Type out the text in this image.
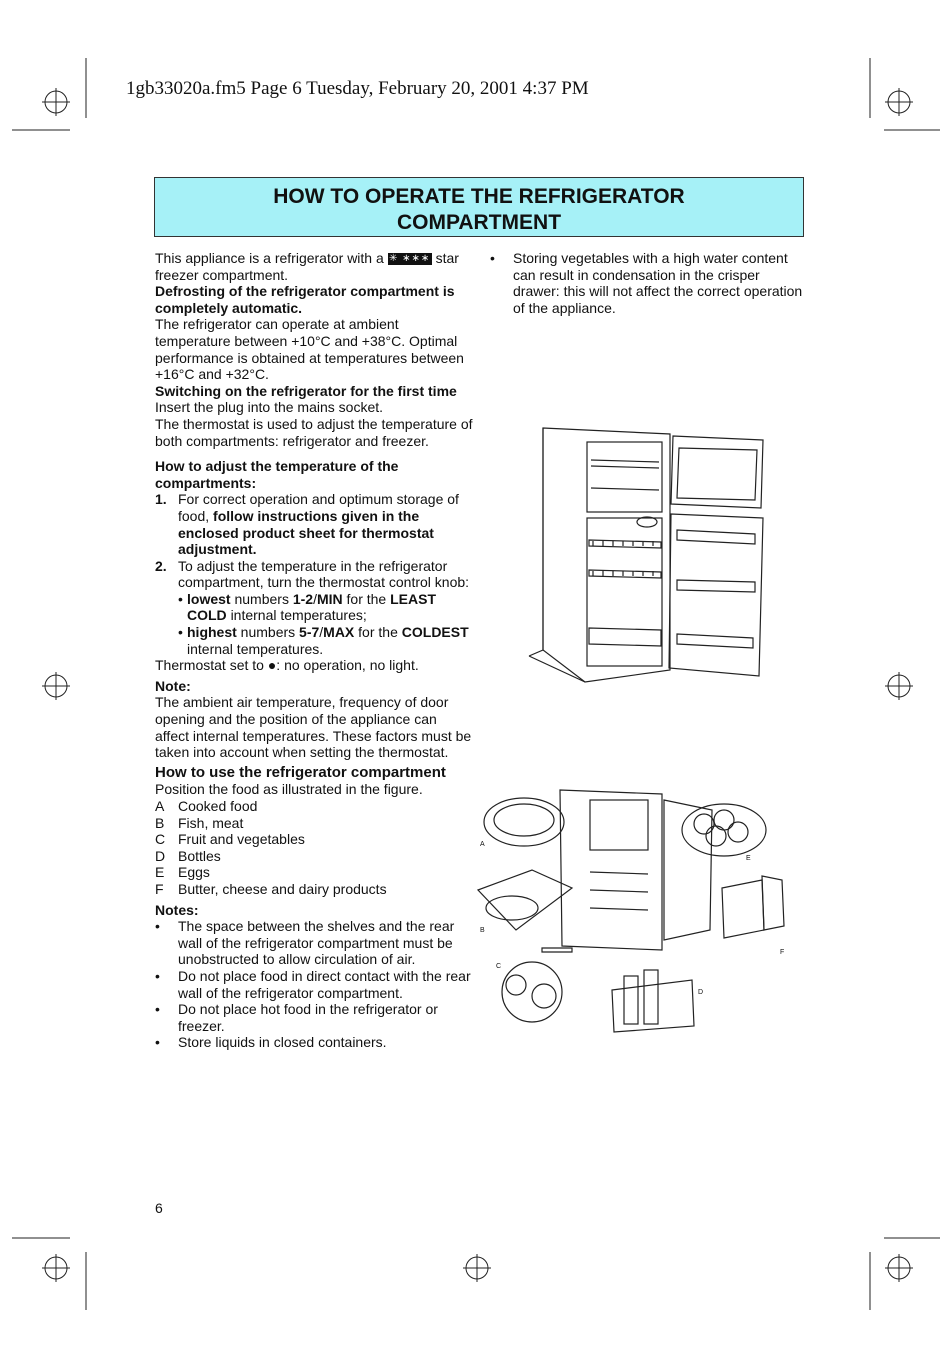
1gb33020a.fm5 Page 6 Tuesday, February 20, 2001 4:37 PM
HOW TO OPERATE THE REFRIGERATOR
COMPARTMENT

This appliance is a refrigerator with a ✳ ∗∗∗ star freezer compartment.

Defrosting of the refrigerator compartment is completely automatic.

The refrigerator can operate at ambient temperature between +10°C and +38°C. Optimal performance is obtained at temperatures between +16°C and +32°C.

Switching on the refrigerator for the first time

Insert the plug into the mains socket.

The thermostat is used to adjust the temperature of both compartments: refrigerator and freezer.

How to adjust the temperature of the compartments:

1. For correct operation and optimum storage of food, follow instructions given in the enclosed product sheet for thermostat adjustment.
2. To adjust the temperature in the refrigerator compartment, turn the thermostat control knob:
• lowest numbers 1-2/MIN for the LEAST COLD internal temperatures;
• highest numbers 5-7/MAX for the COLDEST internal temperatures.

Thermostat set to ●: no operation, no light.

Note:

The ambient air temperature, frequency of door opening and the position of the appliance can affect internal temperatures. These factors must be taken into account when setting the thermostat.

How to use the refrigerator compartment

Position the food as illustrated in the figure.

A Cooked food
B Fish, meat
C Fruit and vegetables
D Bottles
E Eggs
F	Butter, cheese and dairy products

Notes:

•	The space between the shelves and the rear wall of the refrigerator compartment must be unobstructed to allow circulation of air.
•	Do not place food in direct contact with the rear wall of the refrigerator compartment.
•	Do not place hot food in the refrigerator or freezer.
•	Store liquids in closed containers.
•	Storing vegetables with a high water content can result in condensation in the crisper drawer: this will not affect the correct operation of the appliance.
A
B
C
D
E
F
6
